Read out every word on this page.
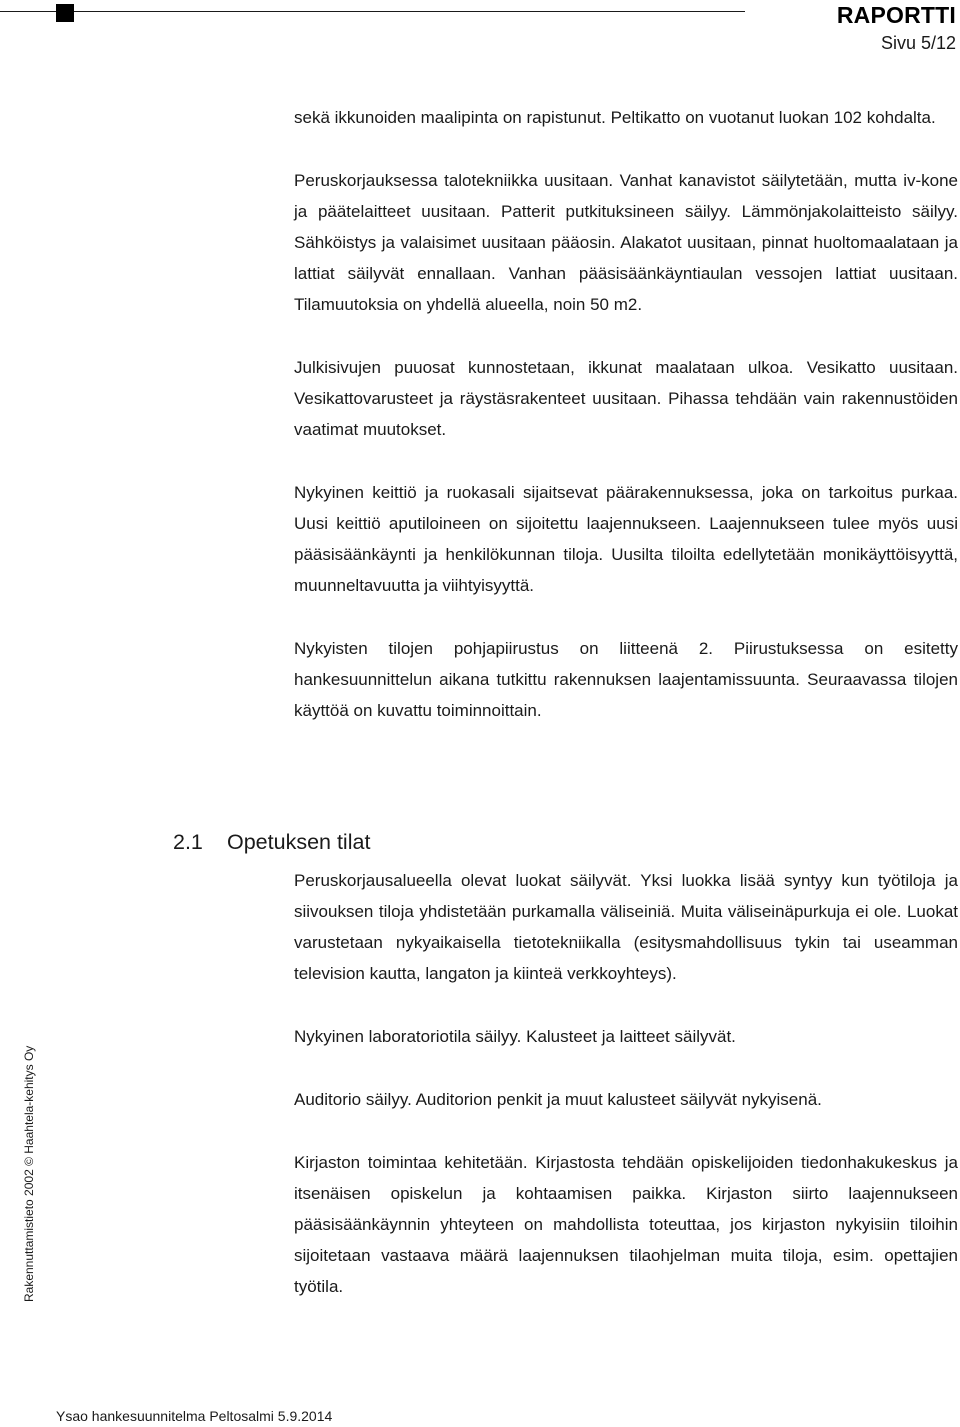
RAPORTTI
Sivu 5/12

sekä ikkunoiden maalipinta on rapistunut. Peltikatto on vuotanut luokan 102 kohdalta.

Peruskorjauksessa talotekniikka uusitaan. Vanhat kanavistot säilytetään, mutta iv-kone ja päätelaitteet uusitaan. Patterit putkituksineen säilyy. Lämmönjakolaitteisto säilyy. Sähköistys ja valaisimet uusitaan pääosin. Alakatot uusitaan, pinnat huoltomaalataan ja lattiat säilyvät ennallaan. Vanhan pääsisäänkäyntiaulan vessojen lattiat uusitaan. Tilamuutoksia on yhdellä alueella, noin 50 m2.

Julkisivujen puuosat kunnostetaan, ikkunat maalataan ulkoa. Vesikatto uusitaan. Vesikattovarusteet ja räystäsrakenteet uusitaan. Pihassa tehdään vain rakennustöiden vaatimat muutokset.

Nykyinen keittiö ja ruokasali sijaitsevat päärakennuksessa, joka on tarkoitus purkaa. Uusi keittiö aputiloineen on sijoitettu laajennukseen. Laajennukseen tulee myös uusi pääsisäänkäynti ja henkilökunnan tiloja. Uusilta tiloilta edellytetään monikäyttöisyyttä, muunneltavuutta ja viihtyisyyttä.

Nykyisten tilojen pohjapiirustus on liitteenä 2. Piirustuksessa on esitetty hankesuunnittelun aikana tutkittu rakennuksen laajentamissuunta. Seuraavassa tilojen käyttöä on kuvattu toiminnoittain.

2.1 Opetuksen tilat

Peruskorjausalueella olevat luokat säilyvät. Yksi luokka lisää syntyy kun työtiloja ja siivouksen tiloja yhdistetään purkamalla väliseiniä. Muita väliseinäpurkuja ei ole. Luokat varustetaan nykyaikaisella tietotekniikalla (esitysmahdollisuus tykin tai useamman television kautta, langaton ja kiinteä verkkoyhteys).

Nykyinen laboratoriotila säilyy. Kalusteet ja laitteet säilyvät.

Auditorio säilyy. Auditorion penkit ja muut kalusteet säilyvät nykyisenä.

Kirjaston toimintaa kehitetään. Kirjastosta tehdään opiskelijoiden tiedonhakukeskus ja itsenäisen opiskelun ja kohtaamisen paikka. Kirjaston siirto laajennukseen pääsisäänkäynnin yhteyteen on mahdollista toteuttaa, jos kirjaston nykyisiin tiloihin sijoitetaan vastaava määrä laajennuksen tilaohjelman muita tiloja, esim. opettajien työtila.

Rakennuttamistieto 2002 © Haahtela-kehitys Oy
Ysao hankesuunnitelma Peltosalmi 5.9.2014
